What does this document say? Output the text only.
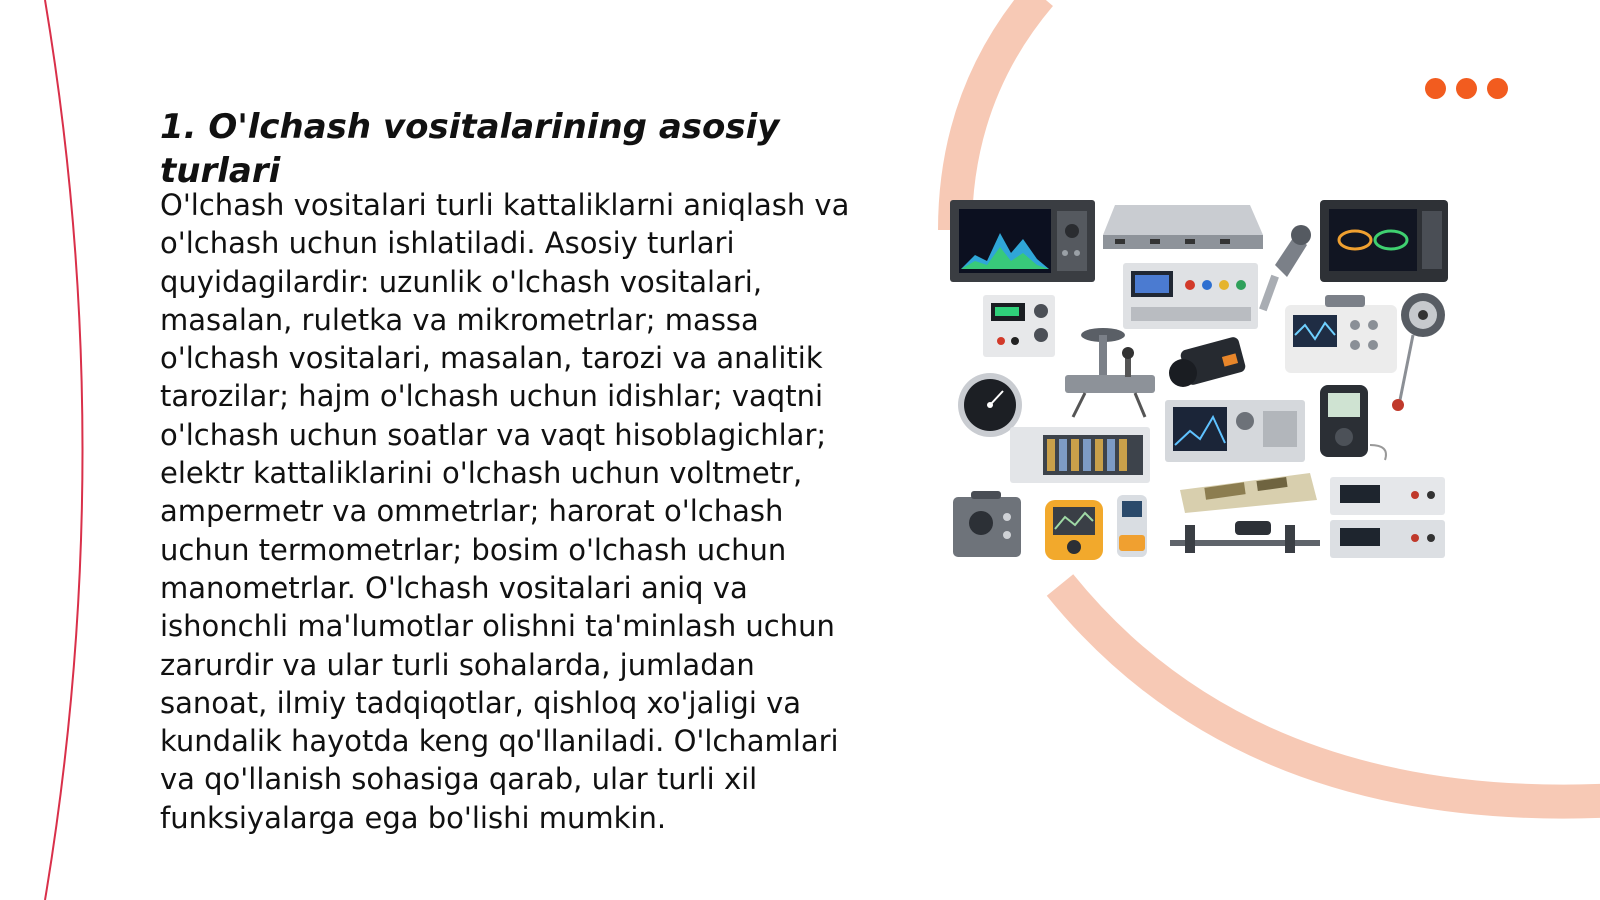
1. O'lchash vositalarining asosiy turlari

O'lchash vositalari turli kattaliklarni aniqlash va o'lchash uchun ishlatiladi. Asosiy turlari quyidagilardir: uzunlik o'lchash vositalari, masalan, ruletka va mikrometrlar; massa o'lchash vositalari, masalan, tarozi va analitik tarozilar; hajm o'lchash uchun idishlar; vaqtni o'lchash uchun soatlar va vaqt hisoblagichlar; elektr kattaliklarini o'lchash uchun voltmetr, ampermetr va ommetrlar; harorat o'lchash uchun termometrlar; bosim o'lchash uchun manometrlar. O'lchash vositalari aniq va ishonchli ma'lumotlar olishni ta'minlash uchun zarurdir va ular turli sohalarda, jumladan sanoat, ilmiy tadqiqotlar, qishloq xo'jaligi va kundalik hayotda keng qo'llaniladi. O'lchamlari va qo'llanish sohasiga qarab, ular turli xil funksiyalarga ega bo'lishi mumkin.
